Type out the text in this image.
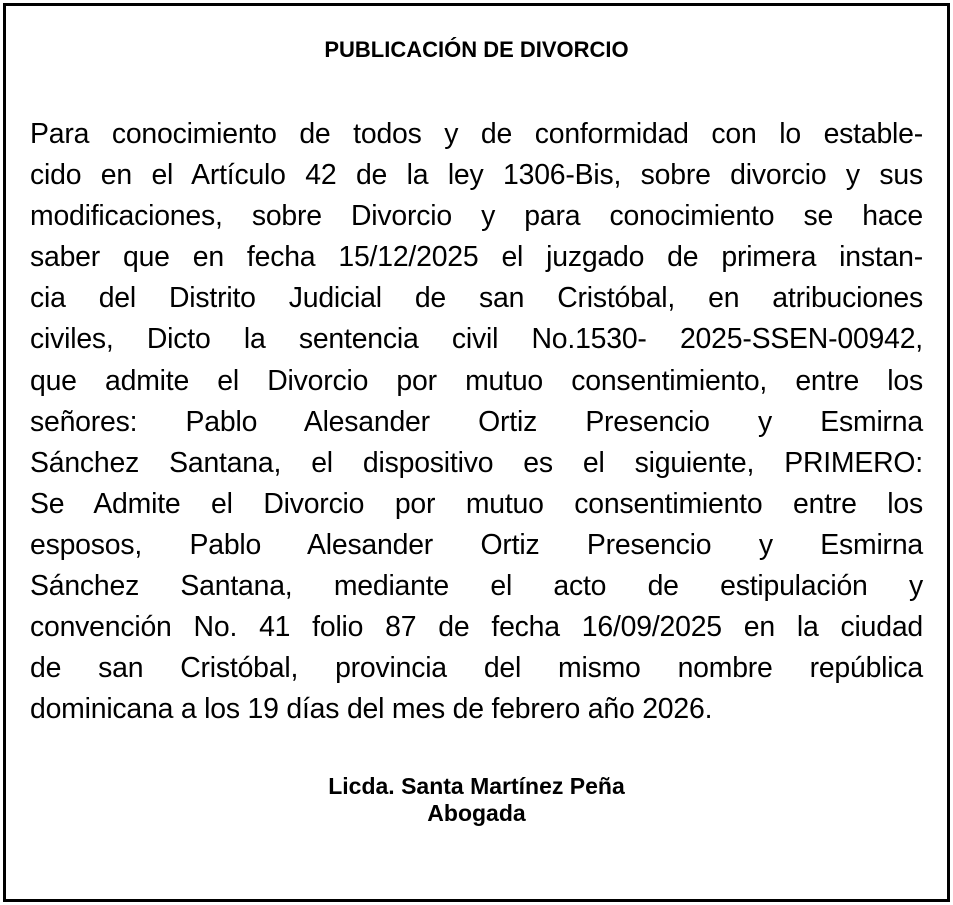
PUBLICACIÓN DE DIVORCIO

Para conocimiento de todos y de conformidad con lo estable-
cido en el Artículo 42 de la ley 1306-Bis, sobre divorcio y sus
modificaciones, sobre Divorcio y para conocimiento se hace
saber que en fecha 15/12/2025 el juzgado de primera instan-
cia del Distrito Judicial de san Cristóbal, en atribuciones
civiles, Dicto la sentencia civil No.1530- 2025-SSEN-00942,
que admite el Divorcio por mutuo consentimiento, entre los
señores: Pablo Alesander Ortiz Presencio y Esmirna
Sánchez Santana, el dispositivo es el siguiente, PRIMERO:
Se Admite el Divorcio por mutuo consentimiento entre los
esposos, Pablo Alesander Ortiz Presencio y Esmirna
Sánchez Santana, mediante el acto de estipulación y
convención No. 41 folio 87 de fecha 16/09/2025 en la ciudad
de san Cristóbal, provincia del mismo nombre república
dominicana a los 19 días del mes de febrero año 2026.

Licda. Santa Martínez Peña
Abogada
